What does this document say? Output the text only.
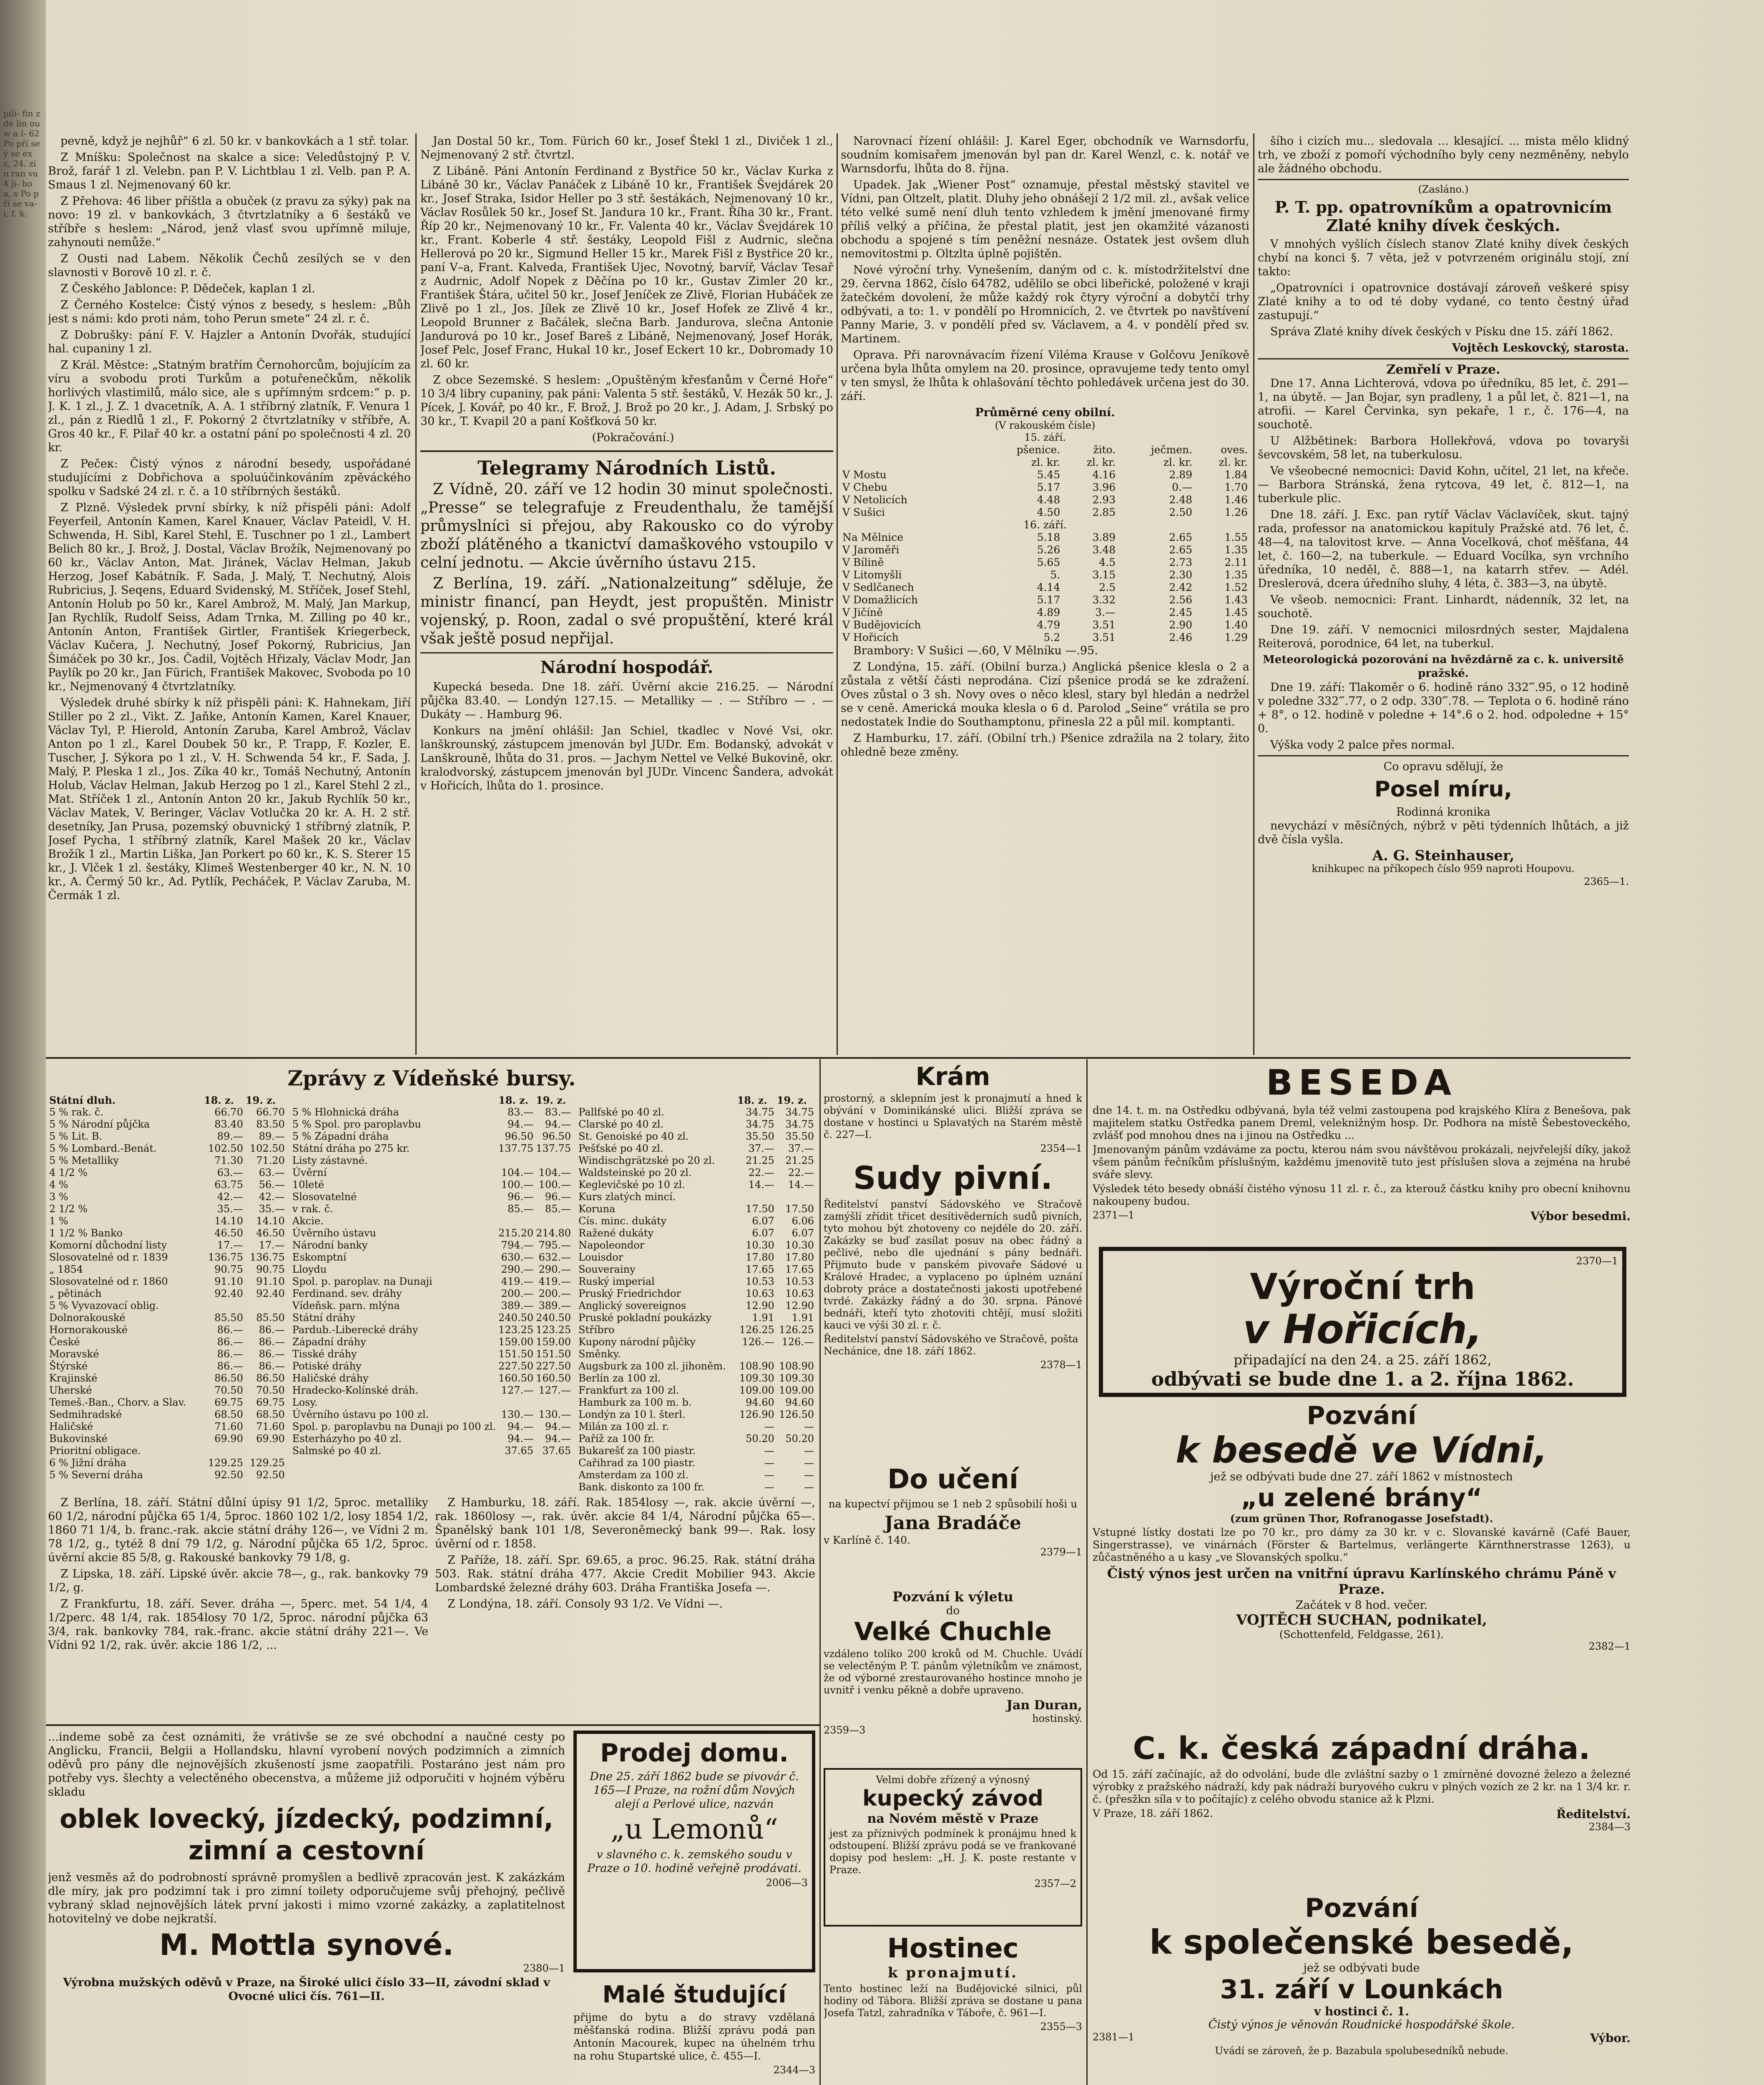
pili- fin zde lin ou w a l- 62 Po pří se ý se ex z, 24. zín ran va 4 ji- ho a, s Po pří se va- i, f. k.

pevně, když je nejhůř“ 6 zl. 50 kr. v bankovkách a 1 stř. tolar.

Z Mníšku: Společnost na skalce a sice: Veledůstojný P. V. Brož, farář 1 zl. Velebn. pan P. V. Lichtblau 1 zl. Velb. pan P. A. Smaus 1 zl. Nejmenovaný 60 kr.

Z Přehova: 46 liber příštla a obuček (z pravu za sýky) pak na novo: 19 zl. v bankovkách, 3 čtvrtzlatníky a 6 šestáků ve stříbře s heslem: „Národ, jenž vlasť svou upřímně miluje, zahynouti nemůže.“

Z Ousti nad Labem. Několik Čechů zesílých se v den slavnosti v Borově 10 zl. r. č.

Z Českého Jablonce: P. Dědeček, kaplan 1 zl.

Z Černého Kostelce: Čistý výnos z besedy, s heslem: „Bůh jest s námi: kdo proti nám, toho Perun smete“ 24 zl. r. č.

Z Dobrušky: pání F. V. Hajzler a Antonín Dvořák, studující hal. cupaniny 1 zl.

Z Král. Městce: „Statným bratřím Černohorcům, bojujícím za víru a svobodu proti Turkům a potuřenečkům, několik horlivých vlastimilů, málo sice, ale s upřímným srdcem:“ p. p. J. K. 1 zl., J. Z. 1 dvacetník, A. A. 1 stříbrný zlatník, F. Venura 1 zl., pán z Riedlů 1 zl., F. Pokorný 2 čtvrtzlatníky v stříbře, A. Gros 40 kr., F. Pilař 40 kr. a ostatní pání po společnosti 4 zl. 20 kr.

Z Pečeк: Čistý výnos z národní besedy, uspořádané studujícími z Dobřichova a spoluúčinkováním zpěváckého spolku v Sadské 24 zl. r. č. a 10 stříbrných šestáků.

Z Plzně. Výsledek první sbírky, k níž přispěli páni: Adolf Feyerfeil, Antonín Kamen, Karel Knauer, Václav Pateidl, V. H. Schwenda, H. Sibl, Karel Stehl, E. Tuschner po 1 zl., Lambert Belich 80 kr., J. Brož, J. Dostal, Václav Brožík, Nejmenovaný po 60 kr., Václav Anton, Mat. Jiránek, Václav Helman, Jakub Herzog, Josef Kabátník. F. Sada, J. Malý, T. Nechutný, Alois Rubricius, J. Seqens, Eduard Svidenský, M. Stříček, Josef Stehl, Antonín Holub po 50 kr., Karel Ambrož, M. Malý, Jan Markup, Jan Rychlík, Rudolf Seiss, Adam Trnka, M. Zilling po 40 kr., Antonín Anton, František Girtler, František Kriegerbeck, Václav Kučera, J. Nechutný, Josef Pokorný, Rubricius, Jan Šimáček po 30 kr., Jos. Čadil, Vojtěch Hřizaly, Václav Modr, Jan Paylík po 20 kr., Jan Fürich, František Makovec, Svoboda po 10 kr., Nejmenovaný 4 čtvrtzlatníky.

Výsledek druhé sbírky k níž přispěli páni: K. Hahnekam, Jiří Stiller po 2 zl., Vikt. Z. Jaňke, Antonín Kamen, Karel Knauer, Václav Tyl, P. Hierold, Antonín Zaruba, Karel Ambrož, Václav Anton po 1 zl., Karel Doubek 50 kr., P. Trapp, F. Kozler, E. Tuscher, J. Sýkora po 1 zl., V. H. Schwenda 54 kr., F. Sada, J. Malý, P. Pleska 1 zl., Jos. Zíka 40 kr., Tomáš Nechutný, Antonín Holub, Václav Helman, Jakub Herzog po 1 zl., Karel Stehl 2 zl., Mat. Stříček 1 zl., Antonín Anton 20 kr., Jakub Rychlík 50 kr., Václav Matek, V. Beringer, Václav Votlučka 20 kr. A. H. 2 stř. desetníky, Jan Prusa, pozemský obuvnický 1 stříbrný zlatník, P. Josef Pycha, 1 stříbrný zlatník, Karel Mašek 20 kr., Václav Brožík 1 zl., Martin Liška, Jan Porkert po 60 kr., K. S. Sterer 15 kr., J. Vlček 1 zl. šestáky, Klimeš Westenberger 40 kr., N. N. 10 kr., A. Čermý 50 kr., Ad. Pytlík, Pecháček, P. Václav Zaruba, M. Čermák 1 zl.

Jan Dostal 50 kr., Tom. Fürich 60 kr., Josef Štekl 1 zl., Diviček 1 zl., Nejmenovaný 2 stř. čtvrtzl.

Z Libáně. Páni Antonín Ferdinand z Bystřice 50 kr., Václav Kurka z Libáně 30 kr., Václav Panáček z Libáně 10 kr., František Švejdárek 20 kr., Josef Straka, Isidor Heller po 3 stř. šestákách, Nejmenovaný 10 kr., Václav Rosůlek 50 kr., Josef St. Jandura 10 kr., Frant. Říha 30 kr., Frant. Říp 20 kr., Nejmenovaný 10 kr., Fr. Valenta 40 kr., Václav Švejdárek 10 kr., Frant. Koberle 4 stř. šestáky, Leopold Fišl z Audrnic, slečna Hellerová po 20 kr., Sigmund Heller 15 kr., Marek Fišl z Bystřice 20 kr., paní V–a, Frant. Kalveda, František Ujec, Novotný, barvíř, Václav Tesař z Audrnic, Adolf Nopek z Děčína po 10 kr., Gustav Zimler 20 kr., František Štára, učitel 50 kr., Josef Jeníček ze Zlivě, Florian Hubáček ze Zlivě po 1 zl., Jos. Jílek ze Zlivě 10 kr., Josef Hofek ze Zlivě 4 kr., Leopold Brunner z Bačálek, slečna Barb. Jandurova, slečna Antonie Jandurová po 10 kr., Josef Bareš z Libáně, Nejmenovaný, Josef Horák, Josef Pelc, Josef Franc, Hukal 10 kr., Josef Eckert 10 kr., Dobromady 10 zl. 60 kr.

Z obce Sezemské. S heslem: „Opuštěným křesťanům v Černé Hoře“ 10 3/4 libry cupaniny, pak páni: Valenta 5 stř. šestáků, V. Hezák 50 kr., J. Pícek, J. Kovář, po 40 kr., F. Brož, J. Brož po 20 kr., J. Adam, J. Srbský po 30 kr., T. Kvapil 20 a paní Košťková 50 kr.

(Pokračování.)

Telegramy Národních Listů.

Z Vídně, 20. září ve 12 hodin 30 minut společnosti. „Presse“ se telegrafuje z Freudenthalu, že tamější průmyslníci si přejou, aby Rakousko co do výroby zboží plátěného a tkanictví damaškového vstoupilo v celní jednotu. — Akcie úvěrního ústavu 215.

Z Berlína, 19. září. „Nationalzeitung“ sděluje, že ministr financí, pan Heydt, jest propuštěn. Ministr vojenský, p. Roon, zadal o své propuštění, které král však ještě posud nepřijal.

Národní hospodář.

Kupecká beseda. Dne 18. září. Úvěrní akcie 216.25. — Národní půjčka 83.40. — Londýn 127.15. — Metalliky — . — Stříbro — . — Dukáty — . Hamburg 96.

Konkurs na jmění ohlášil: Jan Schiel, tkadlec v Nové Vsi, okr. lanškrounský, zástupcem jmenován byl JUDr. Em. Bodanský, advokát v Lanškrouně, lhůta do 31. pros. — Jachym Nettel ve Velké Bukovině, okr. kralodvorský, zástupcem jmenován byl JUDr. Vincenc Šandera, advokát v Hořicích, lhůta do 1. prosince.

Narovnací řízení ohlášil: J. Karel Eger, obchodník ve Warnsdorfu, soudním komisařem jmenován byl pan dr. Karel Wenzl, c. k. notář ve Warnsdorfu, lhůta do 8. října.

Upadek. Jak „Wiener Post“ oznamuje, přestal městský stavitel ve Vídni, pan Oltzelt, platit. Dluhy jeho obnášejí 2 1/2 mil. zl., avšak velice této velké sumě není dluh tento vzhledem k jmění jmenované firmy příliš velký a příčina, že přestal platit, jest jen okamžité vázanosti obchodu a spojené s tím peněžní nesnáze. Ostatek jest ovšem dluh nemovitostmi p. Oltzlta úplně pojištěn.

Nové výroční trhy. Vynešením, daným od c. k. místodržitelství dne 29. června 1862, číslo 64782, udělilo se obci libeřické, položené v kraji žatečkém dovolení, že může každý rok čtyry výroční a dobytčí trhy odbývati, a to: 1. v pondělí po Hromnicích, 2. ve čtvrtek po navštívení Panny Marie, 3. v pondělí před sv. Václavem, a 4. v pondělí před sv. Martinem.

Oprava. Při narovnávacím řízení Viléma Krause v Golčovu Jeníkově určena byla lhůta omylem na 20. prosince, opravujeme tedy tento omyl v ten smysl, že lhůta k ohlašování těchto pohledávek určena jest do 30. září.

Průměrné ceny obilní.
(V rakouském čísle)
15. září.
	pšenice.	žito.	ječmen.	oves.
	zl. kr.	zl. kr.	zl. kr.	zl. kr.
V Mostu	5.45	4.16	2.89	1.84
V Chebu	5.17	3.96	0.—	1.70
V Netolicích	4.48	2.93	2.48	1.46
V Sušici	4.50	2.85	2.50	1.26
16. září.				
Na Mělnice	5.18	3.89	2.65	1.55
V Jaroměři	5.26	3.48	2.65	1.35
V Bílině	5.65	4.5	2.73	2.11
V Litomyšli	5.	3.15	2.30	1.35
V Sedlčanech	4.14	2.5	2.42	1.52
V Domažlicích	5.17	3.32	2.56	1.43
V Jičíně	4.89	3.—	2.45	1.45
V Budějovicích	4.79	3.51	2.90	1.40
V Hořicích	5.2	3.51	2.46	1.29

Brambory: V Sušici —.60, V Mělníku —.95.

Z Londýna, 15. září. (Obilní burza.) Anglická pšenice klesla o 2 a zůstala z větší části neprodána. Cizí pšenice prodá se ke zdražení. Oves zůstal o 3 sh. Novy oves o něco klesl, stary byl hledán a nedržel se v ceně. Americká mouka klesla o 6 d. Parolod „Seine“ vrátila se pro nedostatek Indie do Southamptonu, přinesla 22 a půl mil. komptanti.

Z Hamburku, 17. září. (Obilní trh.) Pšenice zdražila na 2 tolary, žito ohledně beze změny.

šího i cizích mu... sledovala ... klesající. ... mista mělo klidný trh, ve zboží z pomoří východního byly ceny nezměněny, nebylo ale žádného obchodu.

(Zasláno.)
P. T. pp. opatrovníkům a opatrovnicím Zlaté knihy dívek českých.

V mnohých vyšlích číslech stanov Zlaté knihy dívek českých chybí na konci §. 7 věta, jež v potvrzeném originálu stojí, zní takto:

„Opatrovníci i opatrovnice dostávají zároveň veškeré spisy Zlaté knihy a to od té doby vydané, co tento čestný úřad zastupují.“

Správa Zlaté knihy dívek českých v Písku dne 15. září 1862.

Vojtěch Leskovcký, starosta.
Zemřelí v Praze.

Dne 17. Anna Lichterová, vdova po úředníku, 85 let, č. 291—1, na úbytě. — Jan Bojar, syn pradleny, 1 a půl let, č. 821—1, na atrofii. — Karel Červinka, syn pekaře, 1 r., č. 176—4, na souchotě.

U Alžbětinek: Barbora Hollekřová, vdova po tovaryši ševcovském, 58 let, na tuberkulosu.

Ve všeobecné nemocnici: David Kohn, učitel, 21 let, na křeče. — Barbora Stránská, žena rytcova, 49 let, č. 812—1, na tuberkule plic.

Dne 18. září. J. Exc. pan rytíř Václav Václavíček, skut. tajný rada, professor na anatomickou kapituly Pražské atd. 76 let, č. 48—4, na talovitost krve. — Anna Vocelková, choť měšťana, 44 let, č. 160—2, na tuberkule. — Eduard Vocílka, syn vrchního úředníka, 10 neděl, č. 888—1, na katarrh střev. — Adél. Dreslerová, dcera úředního sluhy, 4 léta, č. 383—3, na úbytě.

Ve všeob. nemocnici: Frant. Linhardt, nádenník, 32 let, na souchotě.

Dne 19. září. V nemocnici milosrdných sester, Majdalena Reiterová, porodnice, 64 let, na tuberkul.

Meteorologická pozorování na hvězdárně za c. k. universitě pražské.

Dne 19. září: Tlakoměr o 6. hodině ráno 332‴.95, o 12 hodině v poledne 332‴.77, o 2 odp. 330‴.78. — Teplota o 6. hodině ráno + 8°, o 12. hodině v poledne + 14°.6 o 2. hod. odpoledne + 15° 0.

Výška vody 2 palce přes normal.

Co opravu sdělují, že
Posel míru,
Rodinná kronika

nevychází v měsíčných, nýbrž v pěti týdenních lhůtách, a již dvě čísla vyšla.

A. G. Steinhauser,
knihkupec na příkopech číslo 959 naproti Houpovu.
2365—1.
Zprávy z Vídeňské bursy.
Státní dluh.	18. z.	19. z.
5 % rak. č.	66.70	66.70
5 % Národní půjčka	83.40	83.50
5 % Lit. B.	89.—	89.—
5 % Lombard.-Benát.	102.50	102.50
5 % Metalliky	71.30	71.20
4 1/2 %	63.—	63.—
4 %	63.75	56.—
3 %	42.—	42.—
2 1/2 %	35.—	35.—
1 %	14.10	14.10
1 1/2 % Banko	46.50	46.50
Komorní důchodní listy	17.—	17.—
Slosovatelné od r. 1839	136.75	136.75
„ 1854	90.75	90.75
Slosovatelné od r. 1860	91.10	91.10
„ pětinách	92.40	92.40
5 % Vyvazovací oblig.		
Dolnorakouské	85.50	85.50
Hornorakouské	86.—	86.—
České	86.—	86.—
Moravské	86.—	86.—
Štýrské	86.—	86.—
Krajinské	86.50	86.50
Uherské	70.50	70.50
Temeš.-Ban., Chorv. a Slav.	69.75	69.75
Sedmihradské	68.50	68.50
Haličské	71.60	71.60
Bukovinské	69.90	69.90
Prioritní obligace.		
6 % Jižní dráha	129.25	129.25
5 % Severní dráha	92.50	92.50
	18. z.	19. z.
5 % Hlohnická dráha	83.—	83.—
5 % Spol. pro paroplavbu	94.—	94.—
5 % Západní dráha	96.50	96.50
Státní dráha po 275 kr.	137.75	137.75
Listy zástavné.		
Úvěrní	104.—	104.—
10leté	100.—	100.—
Slosovatelné	96.—	96.—
v rak. č.	85.—	85.—
Akcie.		
Úvěrního ústavu	215.20	214.80
Národní banky	794.—	795.—
Eskomptní	630.—	632.—
Lloydu	290.—	290.—
Spol. p. paroplav. na Dunaji	419.—	419.—
Ferdinand. sev. dráhy	200.—	200.—
Vídeňsk. parn. mlýna	389.—	389.—
Státní dráhy	240.50	240.50
Pardub.-Liberecké dráhy	123.25	123.25
Západní dráhy	159.00	159.00
Tisské dráhy	151.50	151.50
Potiské dráhy	227.50	227.50
Haličské dráhy	160.50	160.50
Hradecko-Kolínské dráh.	127.—	127.—
Losy.		
Úvěrního ústavu po 100 zl.	130.—	130.—
Spol. p. paroplavbu na Dunaji po 100 zl.	94.—	94.—
Esterházyho po 40 zl.	94.—	94.—
Salmské po 40 zl.	37.65	37.65
	18. z.	19. z.
Pallfské po 40 zl.	34.75	34.75
Clarské po 40 zl.	34.75	34.75
St. Genoiské po 40 zl.	35.50	35.50
Pešťské po 40 zl.	37.—	37.—
Windischgrätzské po 20 zl.	21.25	21.25
Waldsteinské po 20 zl.	22.—	22.—
Keglevičské po 10 zl.	14.—	14.—
Kurs zlatých mincí.		
Koruna	17.50	17.50
Cís. minc. dukáty	6.07	6.06
Ražené dukáty	6.07	6.07
Napoleondor	10.30	10.30
Louisdor	17.80	17.80
Souverainy	17.65	17.65
Ruský imperial	10.53	10.53
Pruský Friedrichdor	10.63	10.63
Anglický sovereignos	12.90	12.90
Pruské pokladní poukázky	1.91	1.91
Stříbro	126.25	126.25
Kupony národní půjčky	126.—	126.—
Směnky.		
Augsburk za 100 zl. jihoněm.	108.90	108.90
Berlín za 100 zl.	109.30	109.30
Frankfurt za 100 zl.	109.00	109.00
Hamburk za 100 m. b.	94.60	94.60
Londýn za 10 l. šterl.	126.90	126.50
Milán za 100 zl. r.	—	—
Paříž za 100 fr.	50.20	50.20
Bukarešť za 100 piastr.	—	—
Cařihrad za 100 piastr.	—	—
Amsterdam za 100 zl.	—	—
Bank. diskonto za 100 fr.	—	—

Z Berlína, 18. září. Státní důlní úpisy 91 1/2, 5proc. metalliky 60 1/2, národní půjčka 65 1/4, 5proc. 1860 102 1/2, losy 1854 1/2, 1860 71 1/4, b. franc.-rak. akcie státní dráhy 126—, ve Vídni 2 m. 78 1/2, g., tytéž 8 dní 79 1/2, g. Národní půjčka 65 1/2, 5proc. úvěrní akcie 85 5/8, g. Rakouské bankovky 79 1/8, g.

Z Lipska, 18. září. Lipské úvěr. akcie 78—, g., rak. bankovky 79 1/2, g.

Z Frankfurtu, 18. září. Sever. dráha —, 5perc. met. 54 1/4, 4 1/2perc. 48 1/4, rak. 1854losy 70 1/2, 5proc. národní půjčka 63 3/4, rak. bankovky 784, rak.-franc. akcie státní dráhy 221—. Ve Vídni 92 1/2, rak. úvěr. akcie 186 1/2, ...

Z Hamburku, 18. září. Rak. 1854losy —, rak. akcie úvěrní —, rak. 1860losy —, rak. úvěr. akcie 84 1/4, Národní půjčka 65—. Španělský bank 101 1/8, Severoněmecký bank 99—. Rak. losy úvěrní od r. 1858.

Z Paříže, 18. září. Spr. 69.65, a proc. 96.25. Rak. státní dráha 503. Rak. státní dráha 477. Akcie Credit Mobilier 943. Akcie Lombardské železné dráhy 603. Dráha Františka Josefa —.

Z Londýna, 18. září. Consoly 93 1/2. Ve Vídni —.

...indeme sobě za čest oznámiti, že vrátivše se ze své obchodní a naučné cesty po Anglicku, Francii, Belgii a Hollandsku, hlavní vyrobení nových podzimních a zimních oděvů pro pány dle nejnovějších zkušeností jsme zaopatřili. Postaráno jest nám pro potřeby vys. šlechty a velectěného obecenstva, a můžeme již odporučiti v hojném výběru skladu

oblek lovecký, jízdecký, podzimní, zimní a cestovní

jenž vesměs až do podrobností správně promyšlen a bedlivě zpracován jest. K zakázkám dle míry, jak pro podzimní tak i pro zimní toilety odporučujeme svůj přehojný, pečlivě vybraný sklad nejnovějších látek první jakosti i mimo vzorné zakázky, a zaplatitelnost hotovitelný ve dobe nejkratší.

M. Mottla synové.
2380—1

Výrobna mužských oděvů v Praze, na Široké ulici číslo 33—II, závodní sklad v Ovocné ulici čís. 761—II.

Prodej domu.

Dne 25. září 1862 bude se pivovár č. 165—I Praze, na rožní dům Nových alejí a Perlové ulice, nazván

„u Lemonů“

v slavného c. k. zemského soudu v Praze o 10. hodině veřejně prodávati.

2006—3
Malé študující

přijme do bytu a do stravy vzdělaná měšťanská rodina. Bližší zprávu podá pan Antonín Macourek, kupec na úhelném trhu na rohu Stupartské ulice, č. 455—I.

2344—3
Krám

prostorný, a sklepním jest k pronajmutí a hned k obývání v Dominikánské ulici. Bližší zpráva se dostane v hostinci u Splavatých na Starém městě č. 227—I.

2354—1
Sudy pivní.

Ředitelství panství Sádovského ve Stračově zamýšlí zřídit třicet desítivěderních sudů pivních, tyto mohou být zhotoveny co nejdéle do 20. září. Zakázky se buď zasílat posuv na obec řádný a pečlivé, nebo dle ujednání s pány bednáři. Přijmuto bude v panském pivovaře Sádové u Králové Hradec, a vyplaceno po úplném uznání dobroty práce a dostatečnosti jakosti upotřebené tvrdé. Zakázky řádný a do 30. srpna. Pánové bednáři, kteří tyto zhotoviti chtějí, musí složiti kauci ve výši 30 zl. r. č.

Ředitelství panství Sádovského ve Stračově, pošta Nechánice, dne 18. září 1862.

2378—1
Do učení

na kupectví přijmou se 1 neb 2 spůsobilí hoši u

Jana Bradáče
v Karlíně č. 140.
2379—1
Pozvání k výletu
do
Velké Chuchle

vzdáleno toliko 200 kroků od M. Chuchle. Uvádí se velectěným P. T. pánům výletníkům ve známost, že od výborné zrestaurovaného hostince mnoho je uvnitř i venku pěkně a dobře upraveno.

Jan Duran,
hostinský.
2359—3
Velmi dobře zřízený a výnosný
kupecký závod
na Novém městě v Praze

jest za příznivých podmínek k pronájmu hned k odstoupení. Bližší zprávu podá se ve frankované dopisy pod heslem: „H. J. K. poste restante v Praze.

2357—2
Hostinec
k pronajmutí.

Tento hostinec leží na Budějovické silnici, půl hodiny od Tábora. Bližší zpráva se dostane u pana Josefa Tatzl, zahradníka v Táboře, č. 961—I.

2355—3
BESEDA

dne 14. t. m. na Ostředku odbývaná, byla též velmi zastoupena pod krajského Klíra z Benešova, pak majitelem statku Ostředka panem Dreml, veleknižným hosp. Dr. Podhora na místě Šebestoveckého, zvlášť pod mnohou dnes na i jinou na Ostředku ...

Jmenovaným pánům vzdáváme za poctu, kterou nám svou návštěvou prokázali, nejvřelejší díky, jakož všem pánům řečníkům příslušným, každému jmenovitě tuto jest příslušen slova a zejména na hrubé sváře slevy.

Výsledek této besedy obnáší čistého výnosu 11 zl. r. č., za kterouž částku knihy pro obecní knihovnu nakoupeny budou.

2371—1	Výbor besedmi.
2370—1
Výroční trh
v Hořicích,
připadající na den 24. a 25. září 1862,
odbývati se bude dne 1. a 2. října 1862.
Pozvání
k besedě ve Vídni,
jež se odbývati bude dne 27. září 1862 v místnostech
„u zelené brány“
(zum grünen Thor, Rofranogasse Josefstadt).

Vstupné lístky dostati lze po 70 kr., pro dámy za 30 kr. v c. Slovanské kavárně (Café Bauer, Singerstrasse), ve vinárnách (Förster & Bartelmus, verlängerte Kärnthnerstrasse 1263), u zůčastněného a u kasy „ve Slovanských spolku.“

Čistý výnos jest určen na vnitřní úpravu Karlínského chrámu Páně v Praze.

Začátek v 8 hod. večer.
VOJTĚCH SUCHAN, podnikatel,
(Schottenfeld, Feldgasse, 261).
2382—1
C. k. česká západní dráha.

Od 15. září začínajíc, až do odvolání, bude dle zvláštní sazby o 1 zmírněné dovozné železo a železné výrobky z pražského nádraží, kdy pak nádraží buryového cukru v plných vozích ze 2 kr. na 1 3/4 kr. r. č. (přesžkn síla v to počítajíc) z celého obvodu stanice až k Plzni.

V Praze, 18. září 1862.	Ředitelství.
2384—3
Pozvání
k společenské besedě,
jež se odbývati bude
31. září v Lounkách
v hostinci č. 1.
Čistý výnos je věnován Roudnické hospodářské škole.
2381—1	Výbor.
Uvádí se zároveň, že p. Bazabula spolubesedníků nebude.
